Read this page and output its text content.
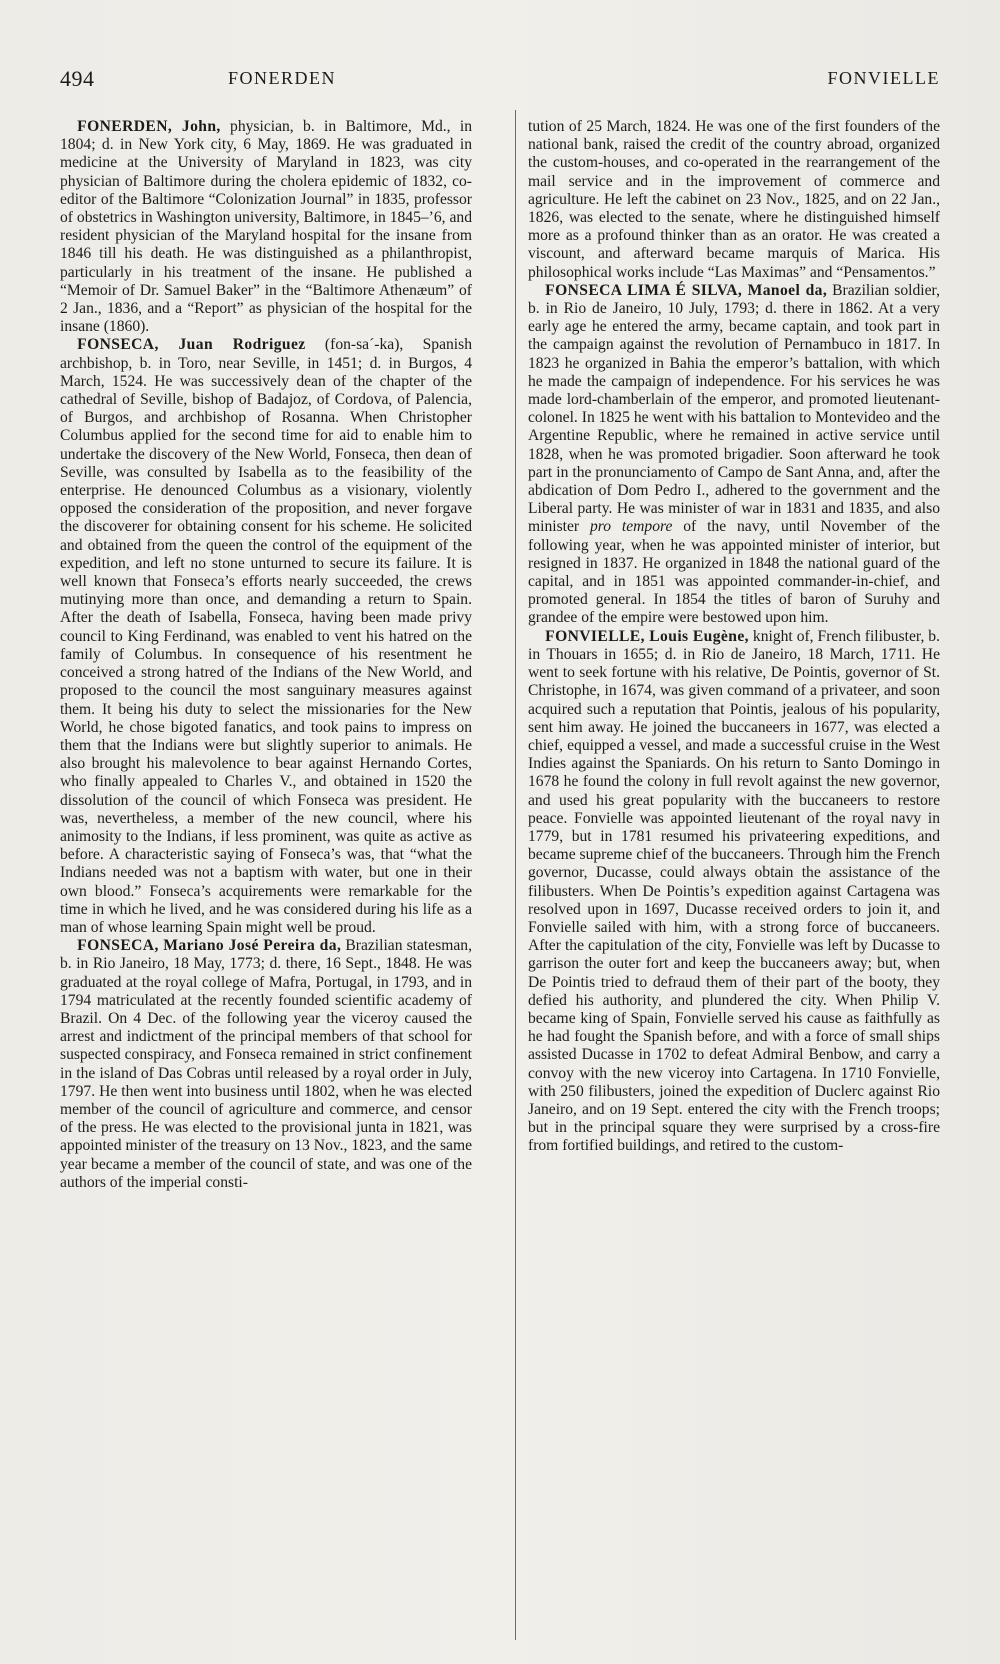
494	FONERDEN	FONVIELLE

FONERDEN, John, physician, b. in Baltimore, Md., in 1804; d. in New York city, 6 May, 1869. He was graduated in medicine at the University of Maryland in 1823, was city physician of Baltimore during the cholera epidemic of 1832, co-editor of the Baltimore “Colonization Journal” in 1835, professor of obstetrics in Washington university, Baltimore, in 1845–’6, and resident physician of the Maryland hospital for the insane from 1846 till his death. He was distinguished as a philanthropist, particularly in his treatment of the insane. He published a “Memoir of Dr. Samuel Baker” in the “Baltimore Athenæum” of 2 Jan., 1836, and a “Report” as physician of the hospital for the insane (1860).

FONSECA, Juan Rodriguez (fon-sa´-ka), Spanish archbishop, b. in Toro, near Seville, in 1451; d. in Burgos, 4 March, 1524. He was successively dean of the chapter of the cathedral of Seville, bishop of Badajoz, of Cordova, of Palencia, of Burgos, and archbishop of Rosanna. When Christopher Columbus applied for the second time for aid to enable him to undertake the discovery of the New World, Fonseca, then dean of Seville, was consulted by Isabella as to the feasibility of the enterprise. He denounced Columbus as a visionary, violently opposed the consideration of the proposition, and never forgave the discoverer for obtaining consent for his scheme. He solicited and obtained from the queen the control of the equipment of the expedition, and left no stone unturned to secure its failure. It is well known that Fonseca’s efforts nearly succeeded, the crews mutinying more than once, and demanding a return to Spain. After the death of Isabella, Fonseca, having been made privy council to King Ferdinand, was enabled to vent his hatred on the family of Columbus. In consequence of his resentment he conceived a strong hatred of the Indians of the New World, and proposed to the council the most sanguinary measures against them. It being his duty to select the missionaries for the New World, he chose bigoted fanatics, and took pains to impress on them that the Indians were but slightly superior to animals. He also brought his malevolence to bear against Hernando Cortes, who finally appealed to Charles V., and obtained in 1520 the dissolution of the council of which Fonseca was president. He was, nevertheless, a member of the new council, where his animosity to the Indians, if less prominent, was quite as active as before. A characteristic saying of Fonseca’s was, that “what the Indians needed was not a baptism with water, but one in their own blood.” Fonseca’s acquirements were remarkable for the time in which he lived, and he was considered during his life as a man of whose learning Spain might well be proud.

FONSECA, Mariano José Pereira da, Brazilian statesman, b. in Rio Janeiro, 18 May, 1773; d. there, 16 Sept., 1848. He was graduated at the royal college of Mafra, Portugal, in 1793, and in 1794 matriculated at the recently founded scientific academy of Brazil. On 4 Dec. of the following year the viceroy caused the arrest and indictment of the principal members of that school for suspected conspiracy, and Fonseca remained in strict confinement in the island of Das Cobras until released by a royal order in July, 1797. He then went into business until 1802, when he was elected member of the council of agriculture and commerce, and censor of the press. He was elected to the provisional junta in 1821, was appointed minister of the treasury on 13 Nov., 1823, and the same year became a member of the council of state, and was one of the authors of the imperial consti-

tution of 25 March, 1824. He was one of the first founders of the national bank, raised the credit of the country abroad, organized the custom-houses, and co-operated in the rearrangement of the mail service and in the improvement of commerce and agriculture. He left the cabinet on 23 Nov., 1825, and on 22 Jan., 1826, was elected to the senate, where he distinguished himself more as a profound thinker than as an orator. He was created a viscount, and afterward became marquis of Marica. His philosophical works include “Las Maximas” and “Pensamentos.”

FONSECA LIMA É SILVA, Manoel da, Brazilian soldier, b. in Rio de Janeiro, 10 July, 1793; d. there in 1862. At a very early age he entered the army, became captain, and took part in the campaign against the revolution of Pernambuco in 1817. In 1823 he organized in Bahia the emperor’s battalion, with which he made the campaign of independence. For his services he was made lord-chamberlain of the emperor, and promoted lieutenant-colonel. In 1825 he went with his battalion to Montevideo and the Argentine Republic, where he remained in active service until 1828, when he was promoted brigadier. Soon afterward he took part in the pronunciamento of Campo de Sant Anna, and, after the abdication of Dom Pedro I., adhered to the government and the Liberal party. He was minister of war in 1831 and 1835, and also minister pro tempore of the navy, until November of the following year, when he was appointed minister of interior, but resigned in 1837. He organized in 1848 the national guard of the capital, and in 1851 was appointed commander-in-chief, and promoted general. In 1854 the titles of baron of Suruhy and grandee of the empire were bestowed upon him.

FONVIELLE, Louis Eugène, knight of, French filibuster, b. in Thouars in 1655; d. in Rio de Janeiro, 18 March, 1711. He went to seek fortune with his relative, De Pointis, governor of St. Christophe, in 1674, was given command of a privateer, and soon acquired such a reputation that Pointis, jealous of his popularity, sent him away. He joined the buccaneers in 1677, was elected a chief, equipped a vessel, and made a successful cruise in the West Indies against the Spaniards. On his return to Santo Domingo in 1678 he found the colony in full revolt against the new governor, and used his great popularity with the buccaneers to restore peace. Fonvielle was appointed lieutenant of the royal navy in 1779, but in 1781 resumed his privateering expeditions, and became supreme chief of the buccaneers. Through him the French governor, Ducasse, could always obtain the assistance of the filibusters. When De Pointis’s expedition against Cartagena was resolved upon in 1697, Ducasse received orders to join it, and Fonvielle sailed with him, with a strong force of buccaneers. After the capitulation of the city, Fonvielle was left by Ducasse to garrison the outer fort and keep the buccaneers away; but, when De Pointis tried to defraud them of their part of the booty, they defied his authority, and plundered the city. When Philip V. became king of Spain, Fonvielle served his cause as faithfully as he had fought the Spanish before, and with a force of small ships assisted Ducasse in 1702 to defeat Admiral Benbow, and carry a convoy with the new viceroy into Cartagena. In 1710 Fonvielle, with 250 filibusters, joined the expedition of Duclerc against Rio Janeiro, and on 19 Sept. entered the city with the French troops; but in the principal square they were surprised by a cross-fire from fortified buildings, and retired to the custom-
